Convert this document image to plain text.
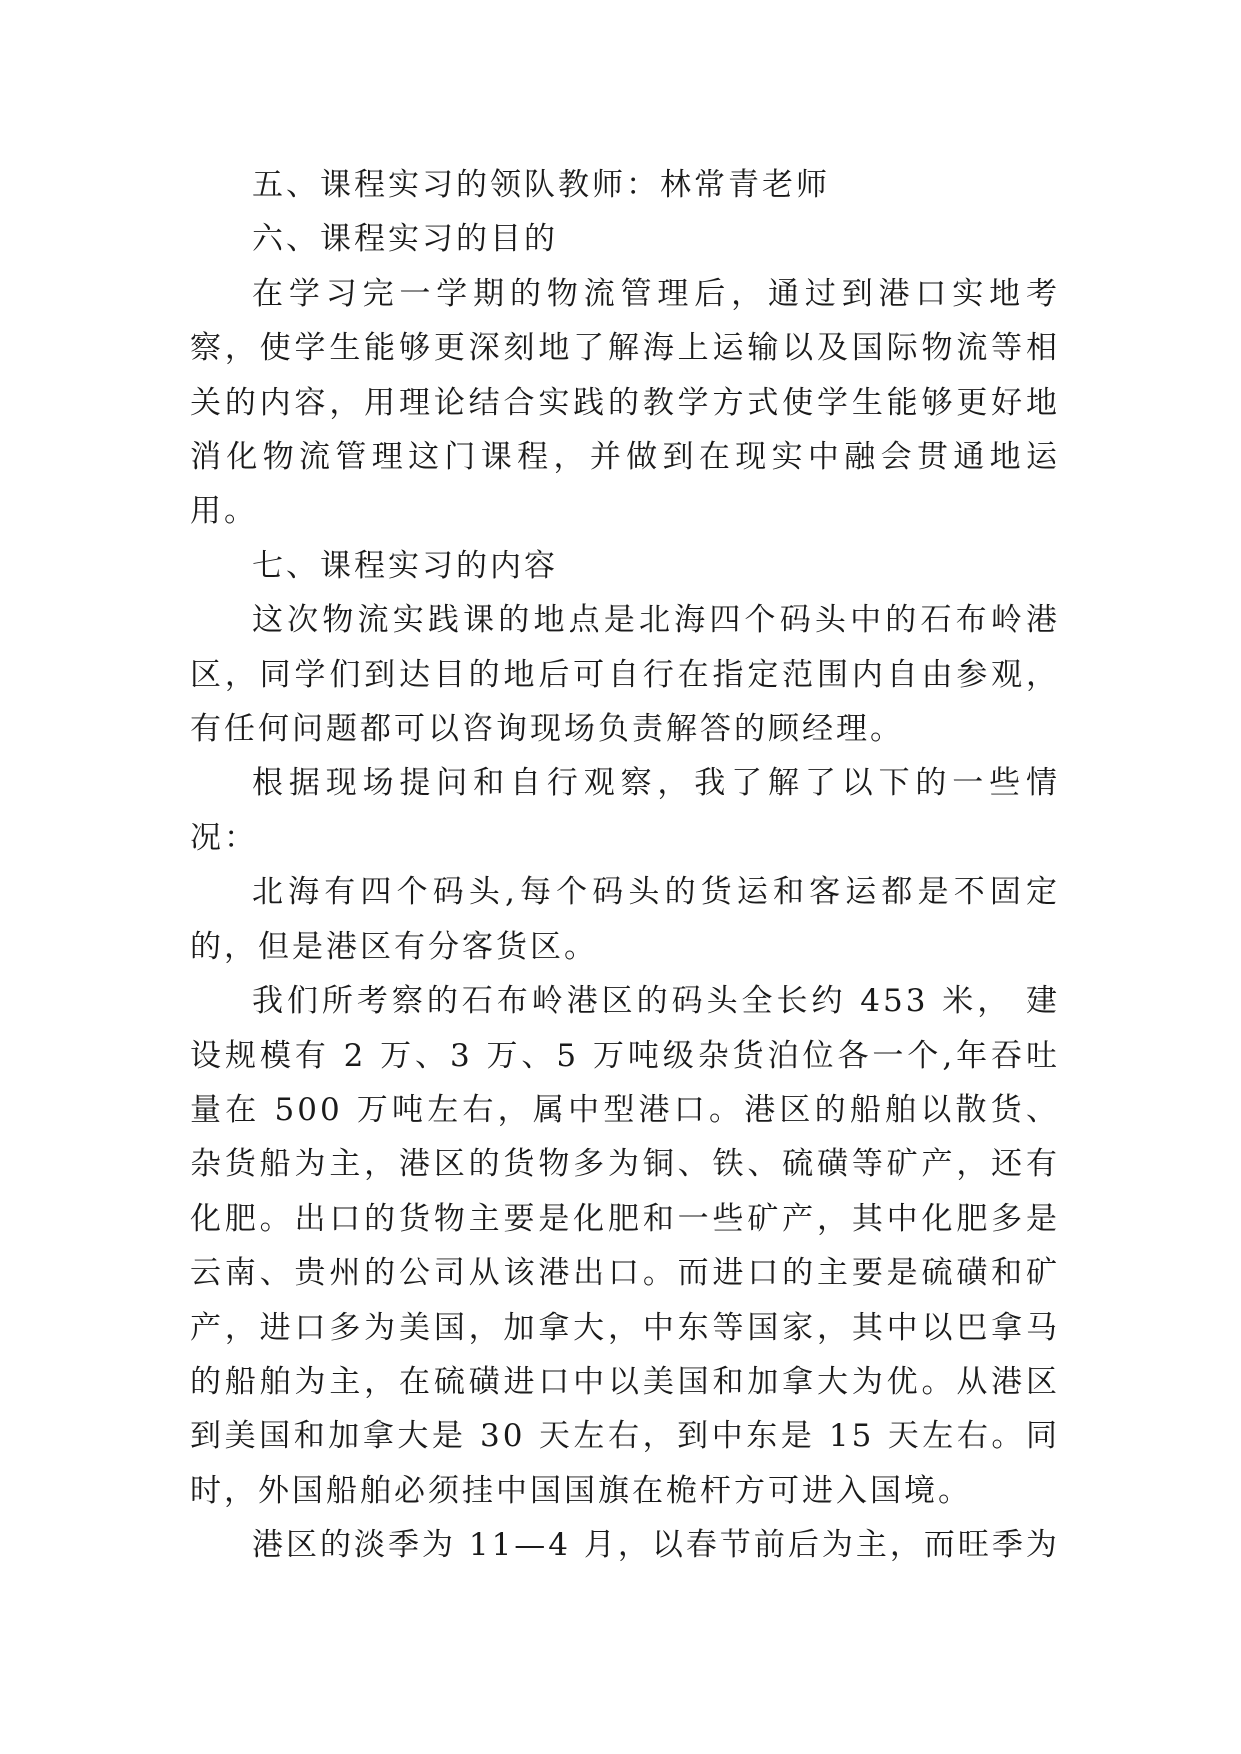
五、课程实习的领队教师：林常青老师

六、课程实习的目的

在学习完一学期的物流管理后，通过到港口实地考察，使学生能够更深刻地了解海上运输以及国际物流等相关的内容，用理论结合实践的教学方式使学生能够更好地消化物流管理这门课程，并做到在现实中融会贯通地运用。

七、课程实习的内容

这次物流实践课的地点是北海四个码头中的石布岭港区，同学们到达目的地后可自行在指定范围内自由参观，有任何问题都可以咨询现场负责解答的顾经理。

根据现场提问和自行观察，我了解了以下的一些情况：

北海有四个码头,每个码头的货运和客运都是不固定的，但是港区有分客货区。

我们所考察的石布岭港区的码头全长约 453 米， 建设规模有 2 万、3 万、5 万吨级杂货泊位各一个,年吞吐量在 500 万吨左右，属中型港口。港区的船舶以散货、杂货船为主，港区的货物多为铜、铁、硫磺等矿产，还有化肥。出口的货物主要是化肥和一些矿产，其中化肥多是云南、贵州的公司从该港出口。而进口的主要是硫磺和矿产，进口多为美国，加拿大，中东等国家，其中以巴拿马的船舶为主，在硫磺进口中以美国和加拿大为优。从港区到美国和加拿大是 30 天左右，到中东是 15 天左右。同时，外国船舶必须挂中国国旗在桅杆方可进入国境。

港区的淡季为 11—4 月，以春节前后为主，而旺季为
